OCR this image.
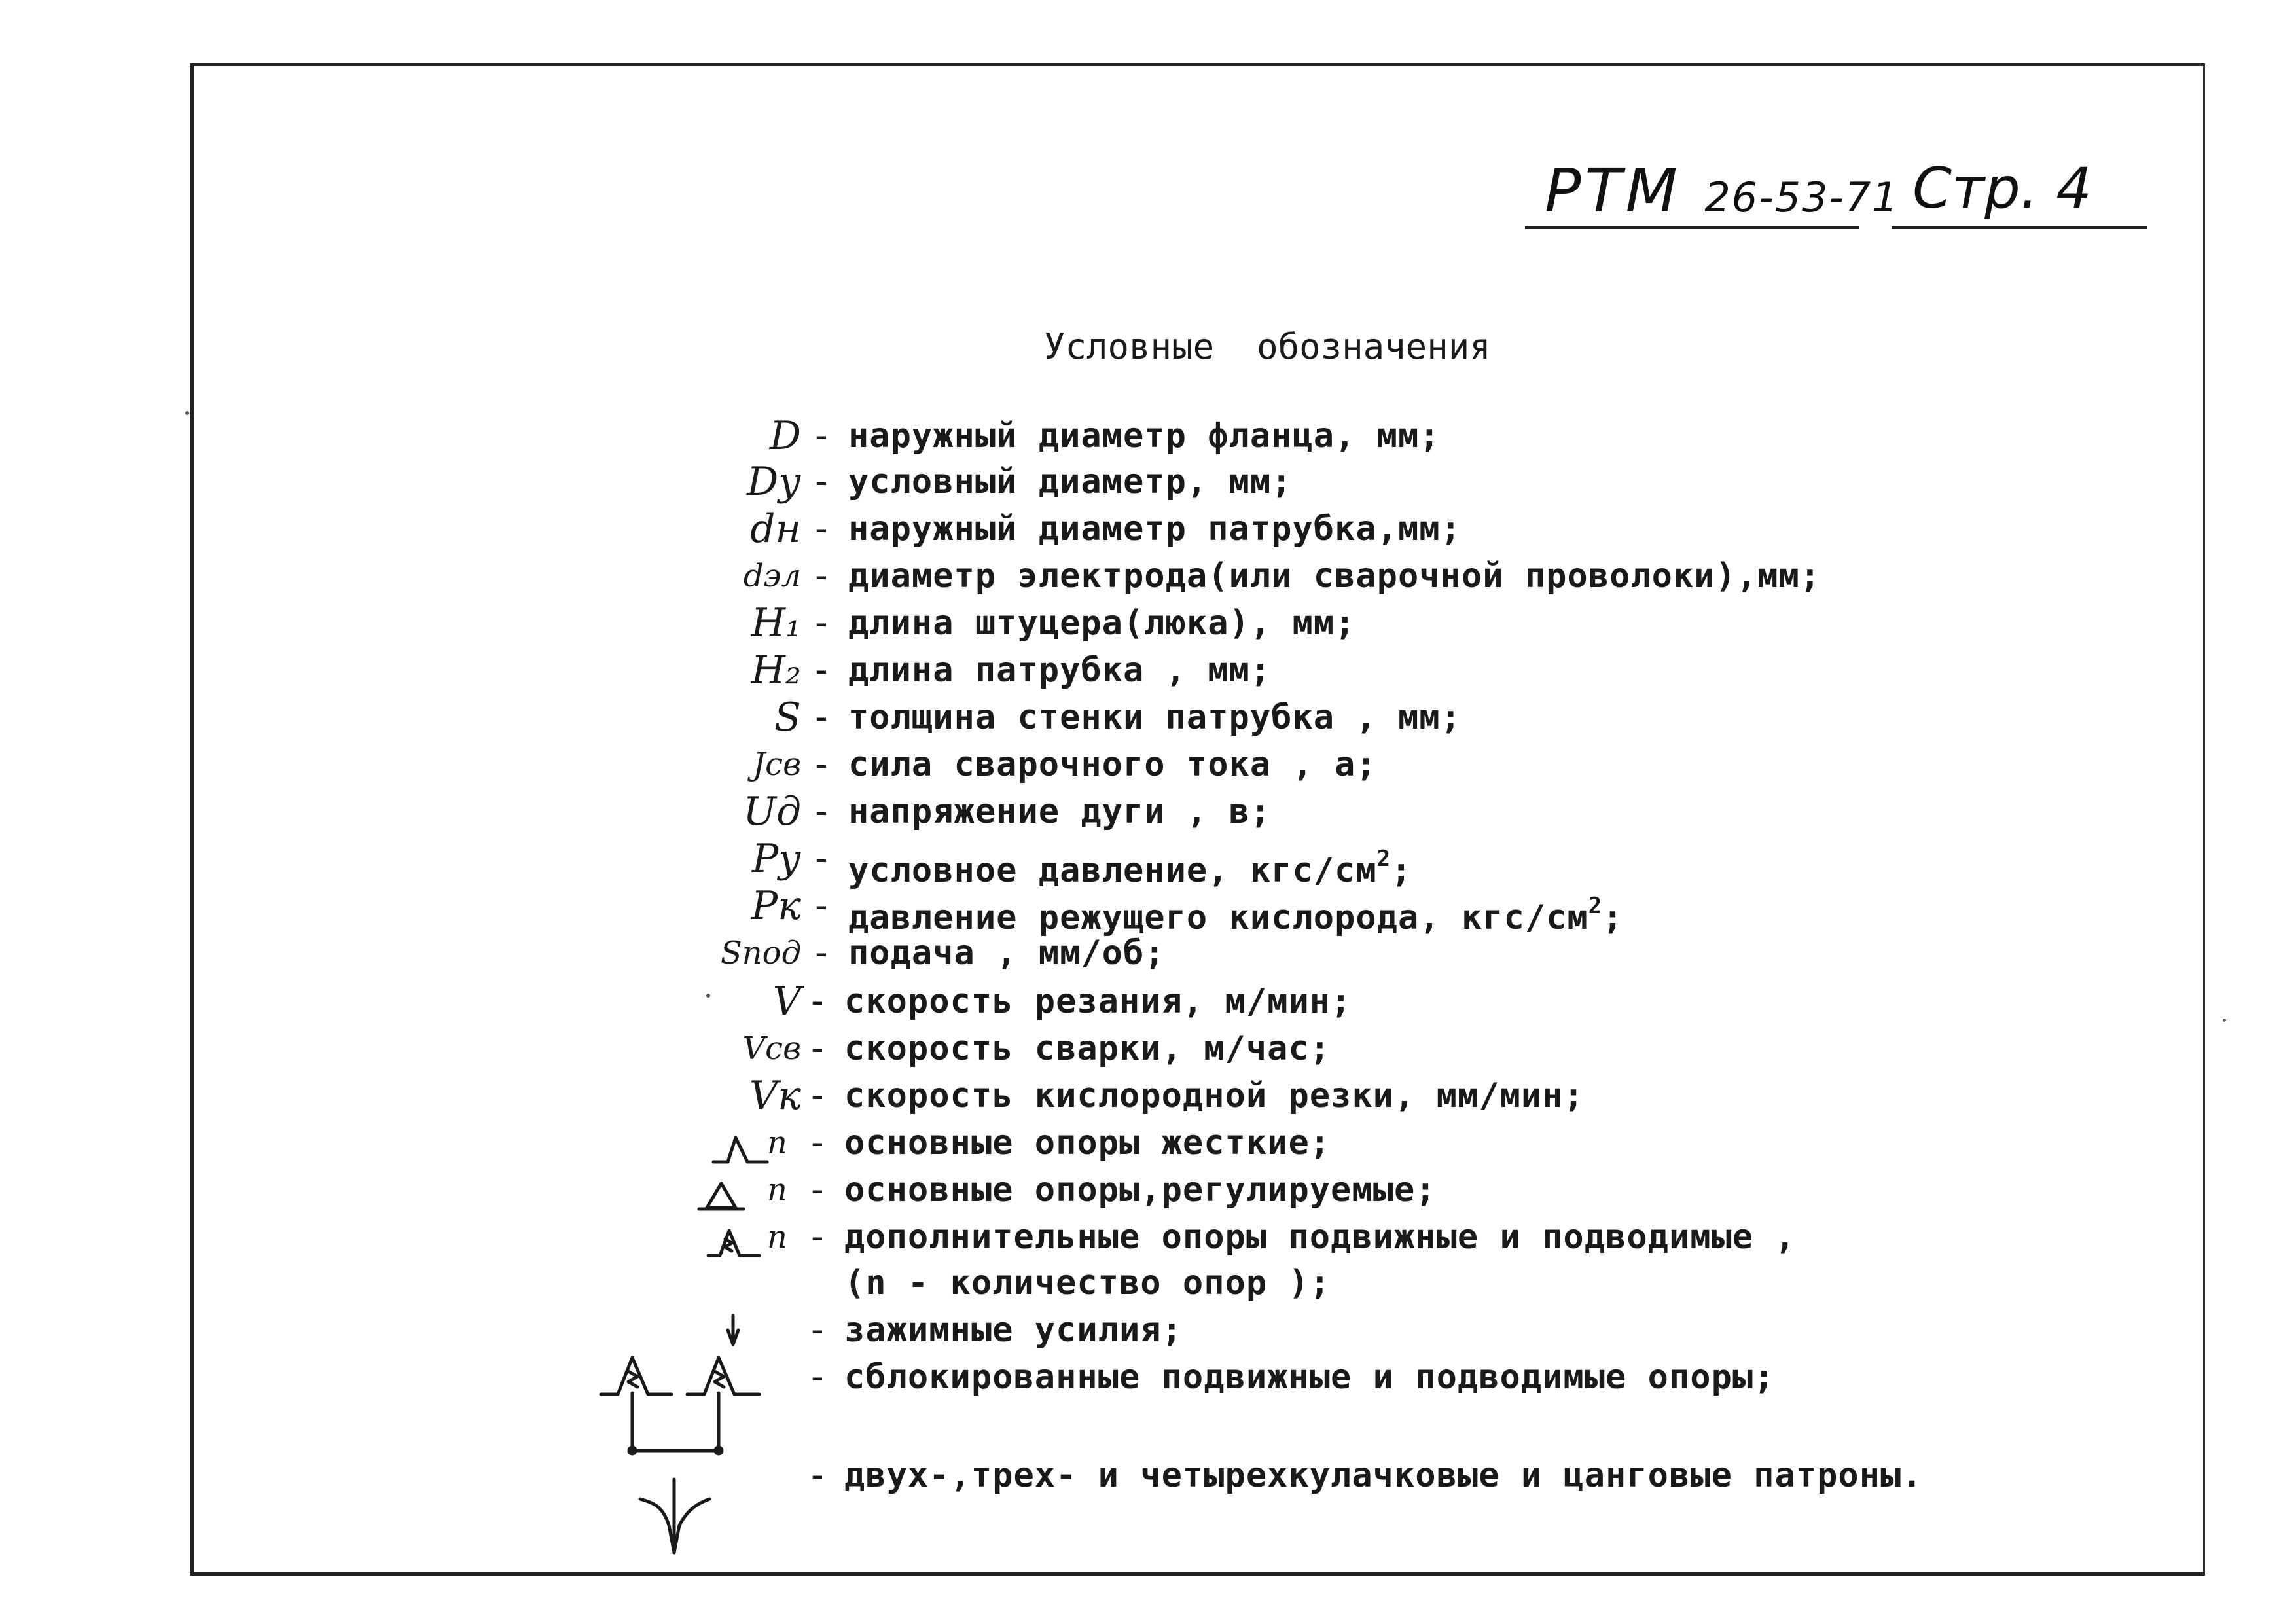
РТМ 26-53-71 Стр. 4
Условные  обозначения
D - наружный диаметр фланца, мм;
Dу - условный диаметр, мм;
dн - наружный диаметр патрубка,мм;
dэл - диаметр электрода(или сварочной проволоки),мм;
H₁ - длина штуцера(люка), мм;
H₂ - длина патрубка , мм;
S - толщина стенки патрубка , мм;
Jсв - сила сварочного тока , а;
Uд - напряжение дуги , в;
Pу - условное давление, кгс/$см^2$;
Pк - давление режущего кислорода, кгс/$см^2$;
Sпод - подача , мм/об;
V - скорость резания, м/мин;
Vсв - скорость сварки, м/час;
Vк - скорость кислородной резки, мм/мин;
n - основные опоры жесткие;
n - основные опоры,регулируемые;
n - дополнительные опоры подвижные и подводимые ,
(n - количество опор );
- зажимные усилия;
- сблокированные подвижные и подводимые опоры;
- двух-,трех- и четырехкулачковые и цанговые патроны.
